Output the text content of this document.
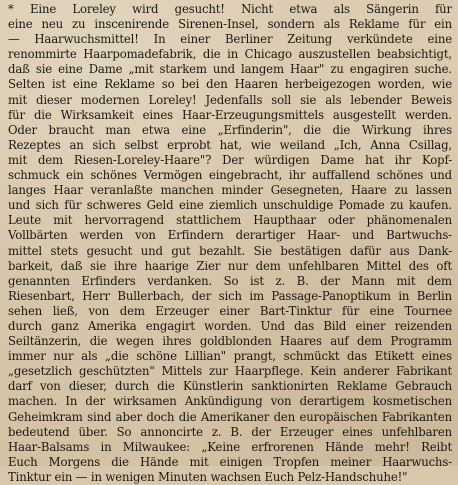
* Eine Loreley wird gesucht! Nicht etwa als Sängerin für
eine neu zu inscenirende Sirenen-Insel, sondern als Reklame für ein
— Haarwuchsmittel! In einer Berliner Zeitung verkündete eine
renommirte Haarpomadefabrik, die in Chicago auszustellen beabsichtigt,
daß sie eine Dame „mit starkem und langem Haar" zu engagiren suche.
Selten ist eine Reklame so bei den Haaren herbeigezogen worden, wie
mit dieser modernen Loreley! Jedenfalls soll sie als lebender Beweis
für die Wirksamkeit eines Haar-Erzeugungsmittels ausgestellt werden.
Oder braucht man etwa eine „Erfinderin", die die Wirkung ihres
Rezeptes an sich selbst erprobt hat, wie weiland „Ich, Anna Csillag,
mit dem Riesen-Loreley-Haare"? Der würdigen Dame hat ihr Kopf-
schmuck ein schönes Vermögen eingebracht, ihr auffallend schönes und
langes Haar veranlaßte manchen minder Gesegneten, Haare zu lassen
und sich für schweres Geld eine ziemlich unschuldige Pomade zu kaufen.
Leute mit hervorragend stattlichem Haupthaar oder phänomenalen
Vollbärten werden von Erfindern derartiger Haar- und Bartwuchs-
mittel stets gesucht und gut bezahlt. Sie bestätigen dafür aus Dank-
barkeit, daß sie ihre haarige Zier nur dem unfehlbaren Mittel des oft
genannten Erfinders verdanken. So ist z. B. der Mann mit dem
Riesenbart, Herr Bullerbach, der sich im Passage-Panoptikum in Berlin
sehen ließ, von dem Erzeuger einer Bart-Tinktur für eine Tournee
durch ganz Amerika engagirt worden. Und das Bild einer reizenden
Seiltänzerin, die wegen ihres goldblonden Haares auf dem Programm
immer nur als „die schöne Lillian" prangt, schmückt das Etikett eines
„gesetzlich geschützten" Mittels zur Haarpflege. Kein anderer Fabrikant
darf von dieser, durch die Künstlerin sanktionirten Reklame Gebrauch
machen. In der wirksamen Ankündigung von derartigem kosmetischen
Geheimkram sind aber doch die Amerikaner den europäischen Fabrikanten
bedeutend über. So annoncirte z. B. der Erzeuger eines unfehlbaren
Haar-Balsams in Milwaukee: „Keine erfrorenen Hände mehr! Reibt
Euch Morgens die Hände mit einigen Tropfen meiner Haarwuchs-
Tinktur ein — in wenigen Minuten wachsen Euch Pelz-Handschuhe!"
